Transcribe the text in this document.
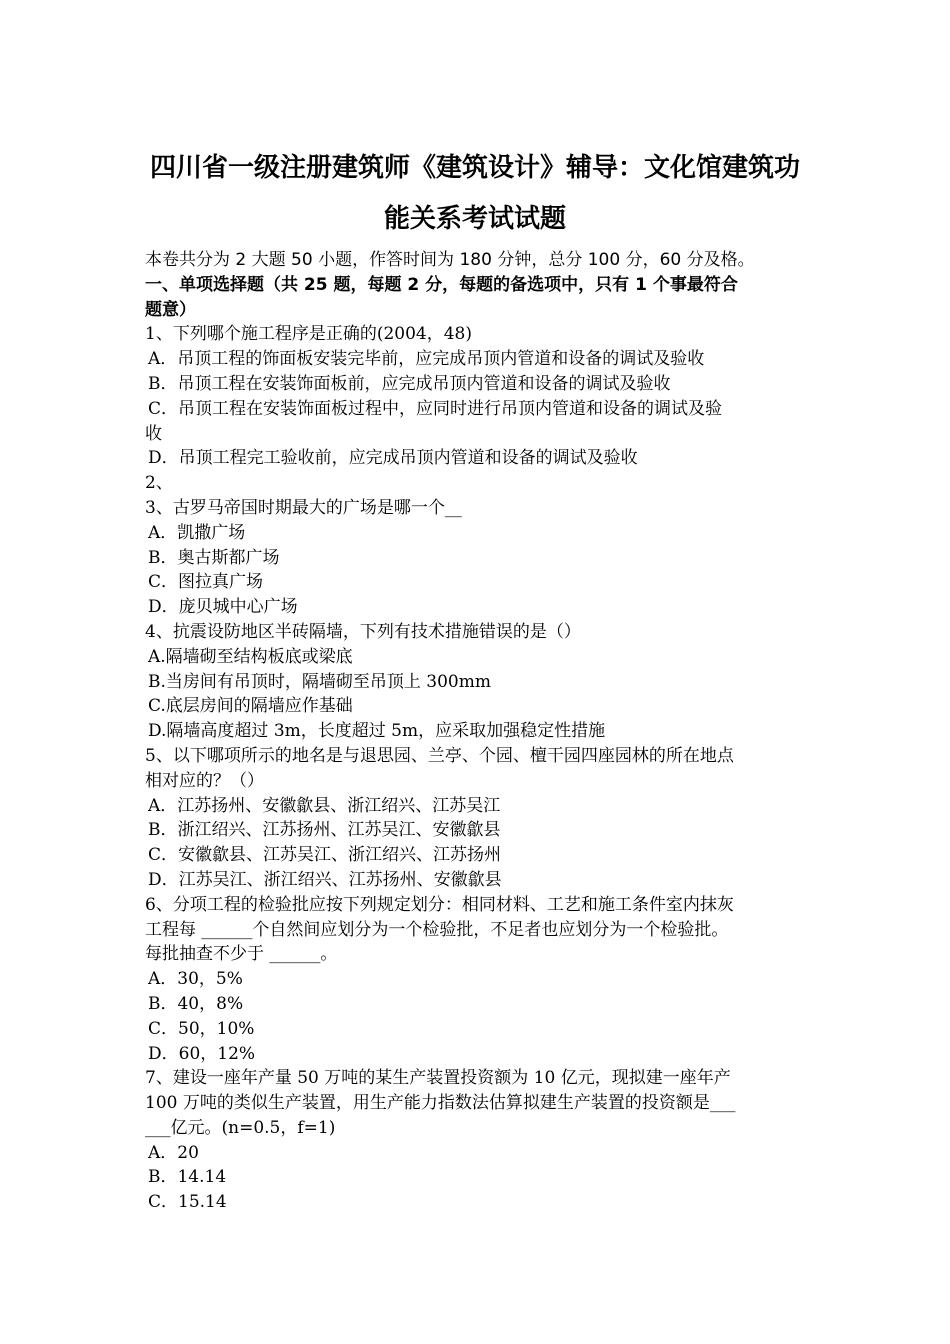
四川省一级注册建筑师《建筑设计》辅导：文化馆建筑功
能关系考试试题
本卷共分为 2 大题 50 小题，作答时间为 180 分钟，总分 100 分，60 分及格。
一、单项选择题（共 25 题，每题 2 分，每题的备选项中，只有 1 个事最符合
题意）
1、下列哪个施工程序是正确的(2004，48)
A．吊顶工程的饰面板安装完毕前，应完成吊顶内管道和设备的调试及验收
B．吊顶工程在安装饰面板前，应完成吊顶内管道和设备的调试及验收
C．吊顶工程在安装饰面板过程中，应同时进行吊顶内管道和设备的调试及验
收
D．吊顶工程完工验收前，应完成吊顶内管道和设备的调试及验收
2、
3、古罗马帝国时期最大的广场是哪一个__
A．凯撒广场
B．奥古斯都广场
C．图拉真广场
D．庞贝城中心广场
4、抗震设防地区半砖隔墙，下列有技术措施错误的是（）
A.隔墙砌至结构板底或梁底
B.当房间有吊顶时，隔墙砌至吊顶上 300mm
C.底层房间的隔墙应作基础
D.隔墙高度超过 3m，长度超过 5m，应采取加强稳定性措施
5、以下哪项所示的地名是与退思园、兰亭、个园、檀干园四座园林的所在地点
相对应的？（）
A．江苏扬州、安徽歙县、浙江绍兴、江苏吴江
B．浙江绍兴、江苏扬州、江苏吴江、安徽歙县
C．安徽歙县、江苏吴江、浙江绍兴、江苏扬州
D．江苏吴江、浙江绍兴、江苏扬州、安徽歙县
6、分项工程的检验批应按下列规定划分：相同材料、工艺和施工条件室内抹灰
工程每 ______个自然间应划分为一个检验批，不足者也应划分为一个检验批。
每批抽查不少于 ______。
A．30，5%
B．40，8%
C．50，10%
D．60，12%
7、建设一座年产量 50 万吨的某生产装置投资额为 10 亿元，现拟建一座年产
100 万吨的类似生产装置，用生产能力指数法估算拟建生产装置的投资额是___
___亿元。(n=0.5，f=1)
A．20
B．14.14
C．15.14
